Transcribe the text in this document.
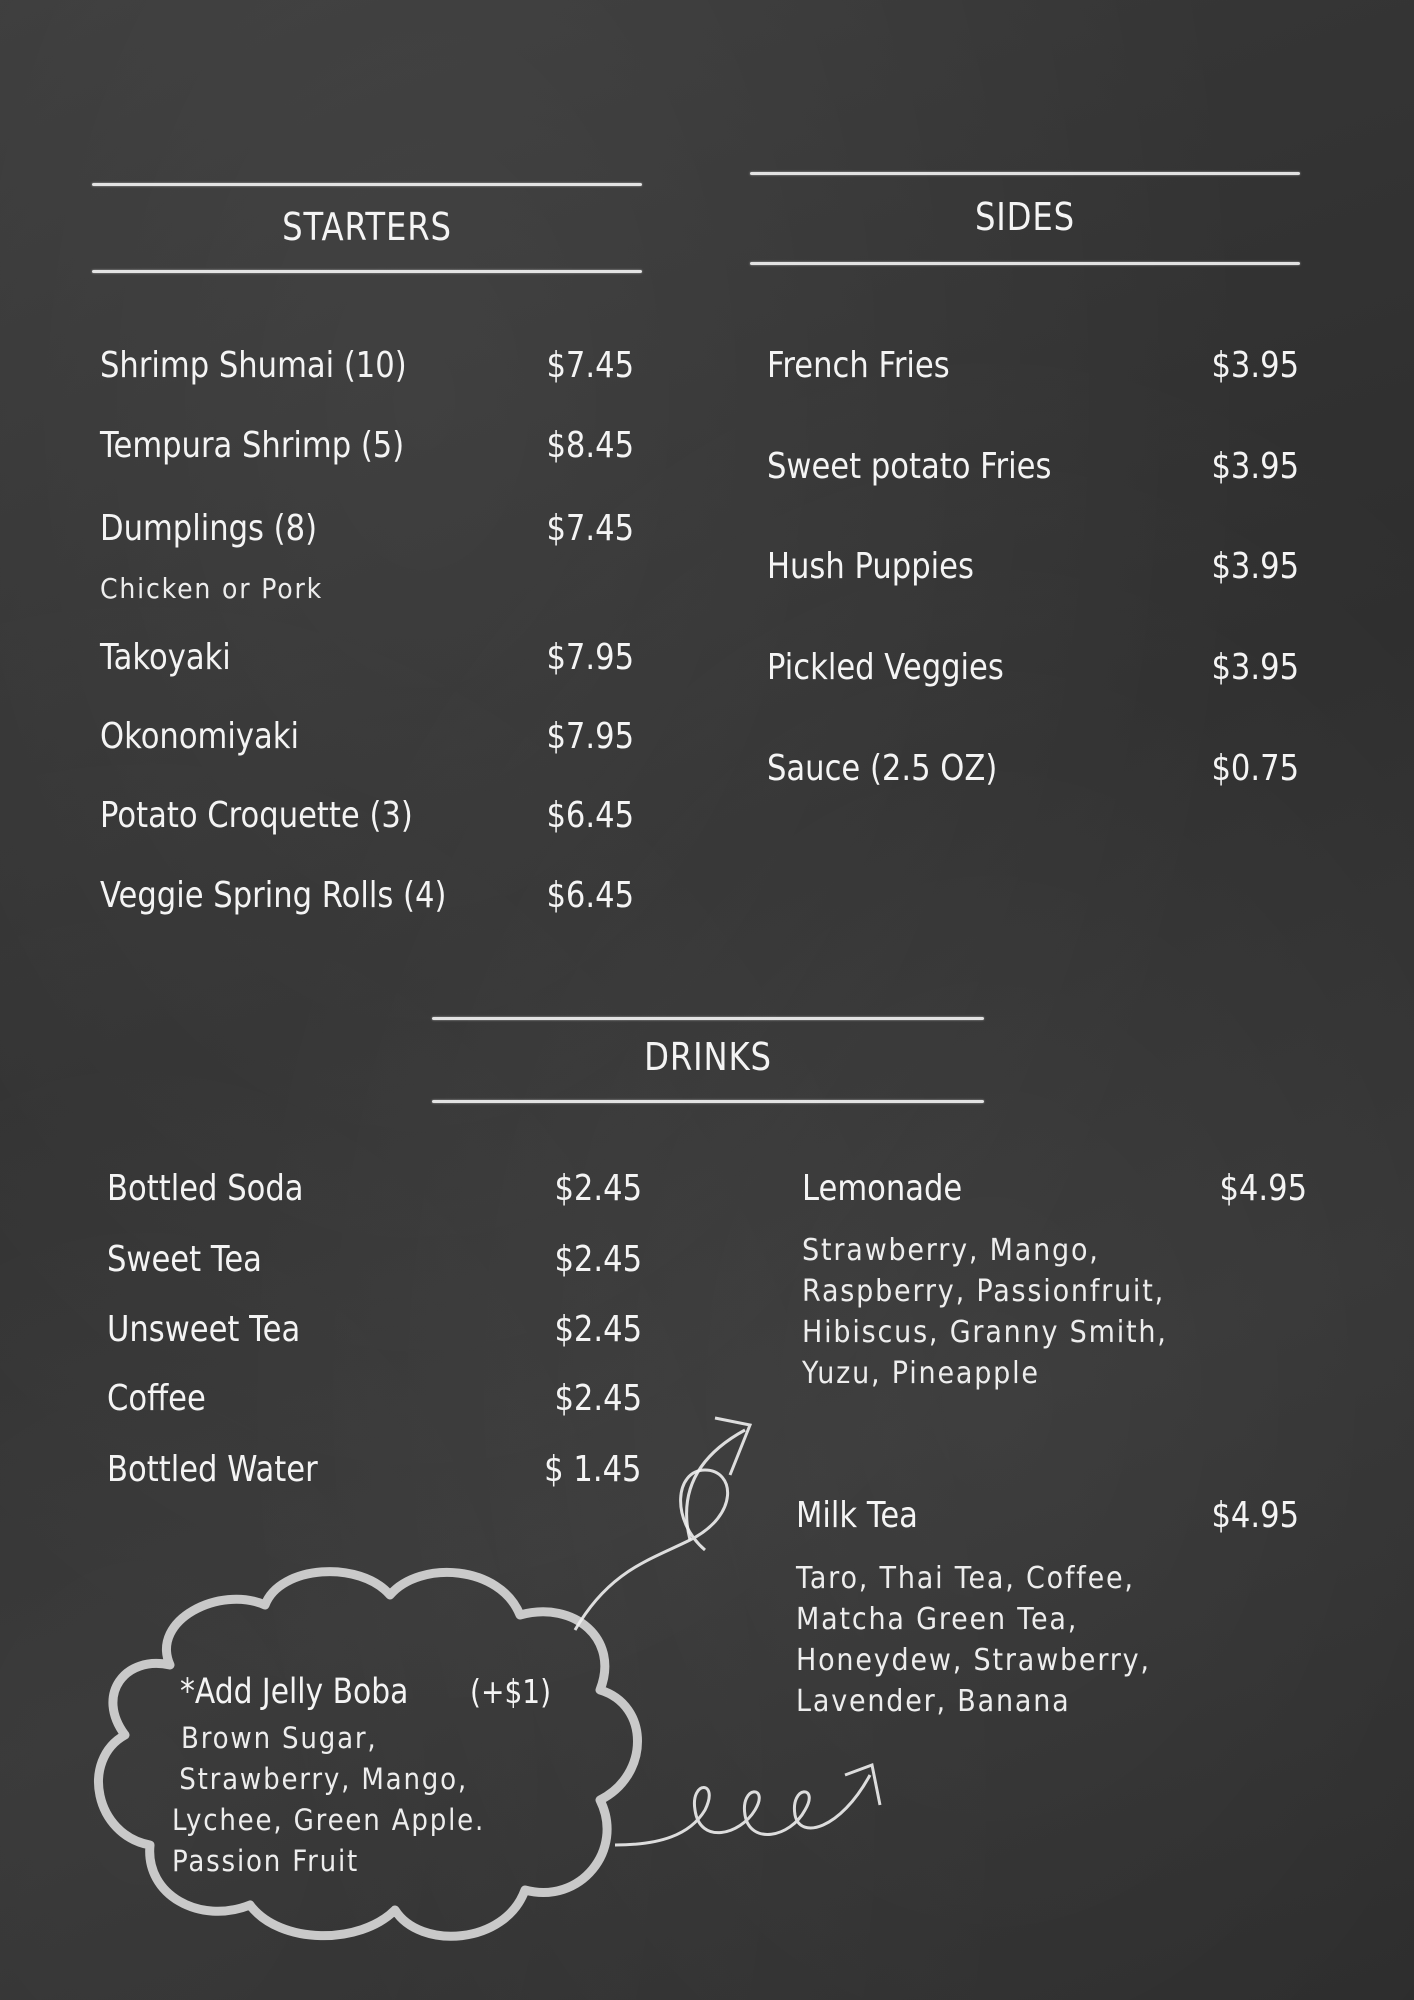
STARTERS	SIDES
Shrimp Shumai (10)	$7.45
Tempura Shrimp (5)	$8.45
Dumplings (8)	$7.45
Chicken or Pork
Takoyaki	$7.95
Okonomiyaki	$7.95
Potato Croquette (3)	$6.45
Veggie Spring Rolls (4)	$6.45
French Fries	$3.95
Sweet potato Fries	$3.95
Hush Puppies	$3.95
Pickled Veggies	$3.95
Sauce (2.5 OZ)	$0.75
DRINKS
Bottled Soda	$2.45
Sweet Tea	$2.45
Unsweet Tea	$2.45
Coffee	$2.45
Bottled Water	$ 1.45
Lemonade	$4.95
Strawberry, Mango,
Raspberry, Passionfruit,
Hibiscus, Granny Smith,
Yuzu, Pineapple
Milk Tea	$4.95
Taro, Thai Tea, Coffee,
Matcha Green Tea,
Honeydew, Strawberry,
Lavender, Banana
*Add Jelly Boba (+$1)
Brown Sugar,
Strawberry, Mango,
Lychee, Green Apple.
Passion Fruit
